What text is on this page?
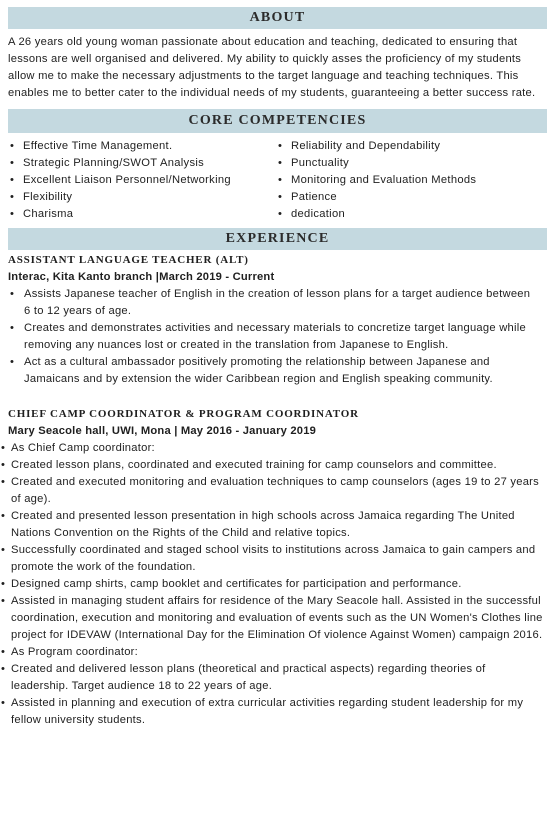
ABOUT
A 26 years old young woman passionate about education and teaching, dedicated to ensuring that lessons are well organised and delivered. My ability to quickly asses the proficiency of my students allow me to make the necessary adjustments to the target language and teaching techniques. This enables me to better cater to the individual needs of my students, guaranteeing a better success rate.
CORE COMPETENCIES
• Effective Time Management.
• Strategic Planning/SWOT Analysis
• Excellent Liaison Personnel/Networking
• Flexibility
• Charisma
• Reliability and Dependability
• Punctuality
• Monitoring and Evaluation Methods
• Patience
• dedication
EXPERIENCE
ASSISTANT LANGUAGE TEACHER (ALT)
Interac, Kita Kanto branch |March 2019 - Current
• Assists Japanese teacher of English in the creation of lesson plans for a target audience between 6 to 12 years of age.
• Creates and demonstrates activities and necessary materials to concretize target language while removing any nuances lost or created in the translation from Japanese to English.
• Act as a cultural ambassador positively promoting the relationship between Japanese and Jamaicans and by extension the wider Caribbean region and English speaking community.
CHIEF CAMP COORDINATOR & PROGRAM COORDINATOR
Mary Seacole hall, UWI, Mona | May 2016 - January 2019
• As Chief Camp coordinator:
• Created lesson plans, coordinated and executed training for camp counselors and committee.
• Created and executed monitoring and evaluation techniques to camp counselors (ages 19 to 27 years of age).
• Created and presented lesson presentation in high schools across Jamaica regarding The United Nations Convention on the Rights of the Child and relative topics.
• Successfully coordinated and staged school visits to institutions across Jamaica to gain campers and promote the work of the foundation.
• Designed camp shirts, camp booklet and certificates for participation and performance.
• Assisted in managing student affairs for residence of the Mary Seacole hall. Assisted in the successful coordination, execution and monitoring and evaluation of events such as the UN Women's Clothes line project for IDEVAW (International Day for the Elimination Of violence Against Women) campaign 2016.
• As Program coordinator:
• Created and delivered lesson plans (theoretical and practical aspects) regarding theories of leadership. Target audience 18 to 22 years of age.
• Assisted in planning and execution of extra curricular activities regarding student leadership for my fellow university students.
